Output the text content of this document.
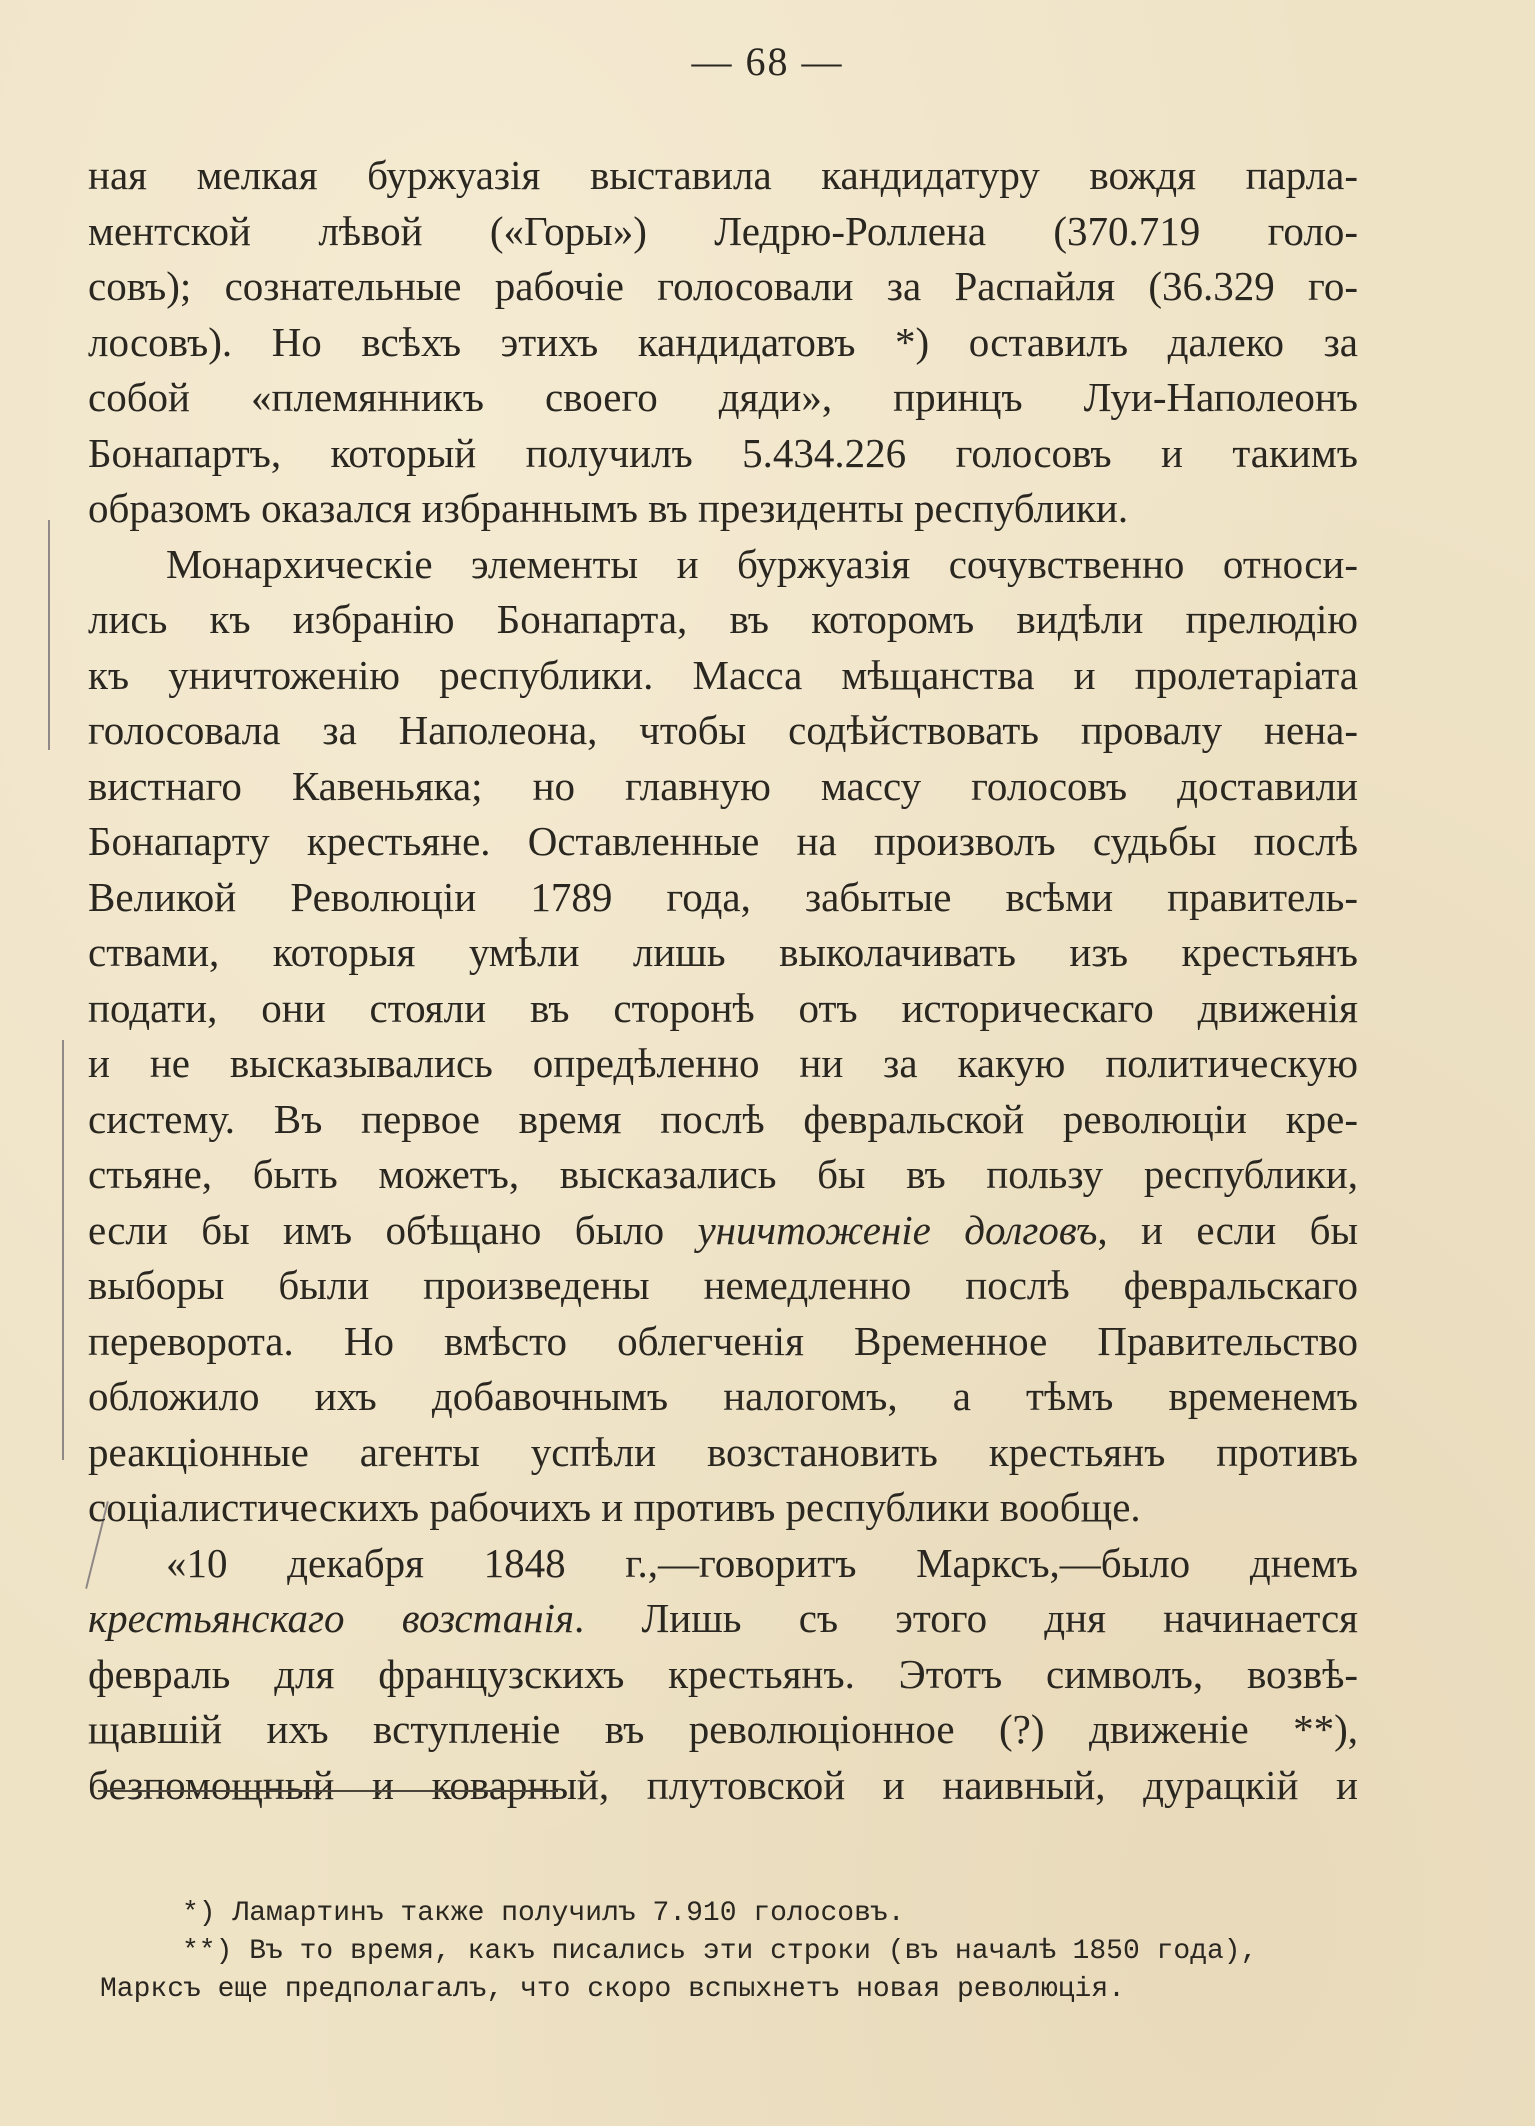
— 68 —
ная мелкая буржуазія выставила кандидатуру вождя парла-
ментской лѣвой («Горы») Ледрю-Роллена (370.719 голо-
совъ); сознательные рабочіе голосовали за Распайля (36.329 го-
лосовъ). Но всѣхъ этихъ кандидатовъ *) оставилъ далеко за
собой «племянникъ своего дяди», принцъ Луи-Наполеонъ
Бонапартъ, который получилъ 5.434.226 голосовъ и такимъ
образомъ оказался избраннымъ въ президенты республики.
Монархическіе элементы и буржуазія сочувственно относи-
лись къ избранію Бонапарта, въ которомъ видѣли прелюдію
къ уничтоженію республики. Масса мѣщанства и пролетаріата
голосовала за Наполеона, чтобы содѣйствовать провалу нена-
вистнаго Кавеньяка; но главную массу голосовъ доставили
Бонапарту крестьяне. Оставленные на произволъ судьбы послѣ
Великой Революціи 1789 года, забытые всѣми правитель-
ствами, которыя умѣли лишь выколачивать изъ крестьянъ
подати, они стояли въ сторонѣ отъ историческаго движенія
и не высказывались опредѣленно ни за какую политическую
систему. Въ первое время послѣ февральской революціи кре-
стьяне, быть можетъ, высказались бы въ пользу республики,
если бы имъ обѣщано было уничтоженіе долговъ, и если бы
выборы были произведены немедленно послѣ февральскаго
переворота. Но вмѣсто облегченія Временное Правительство
обложило ихъ добавочнымъ налогомъ, а тѣмъ временемъ
реакціонные агенты успѣли возстановить крестьянъ противъ
соціалистическихъ рабочихъ и противъ республики вообще.
«10 декабря 1848 г.,—говоритъ Марксъ,—было днемъ
крестьянскаго возстанія. Лишь съ этого дня начинается
февраль для французскихъ крестьянъ. Этотъ символъ, возвѣ-
щавшій ихъ вступленіе въ революціонное (?) движеніе **),
безпомощный и коварный, плутовской и наивный, дурацкій и
*) Ламартинъ также получилъ 7.910 голосовъ.
**) Въ то время, какъ писались эти строки (въ началѣ 1850 года),
Марксъ еще предполагалъ, что скоро вспыхнетъ новая революція.
